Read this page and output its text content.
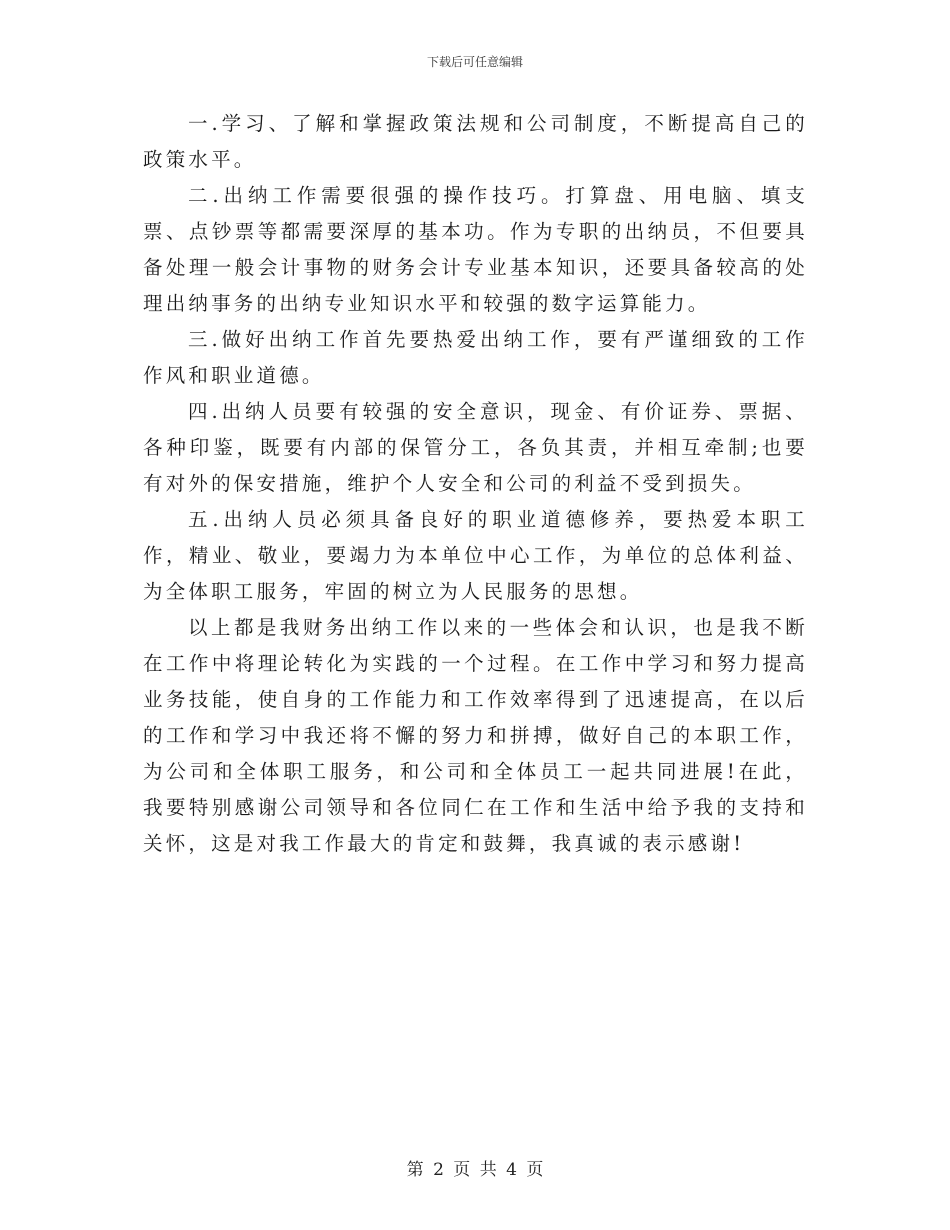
下载后可任意编辑

一.学习、了解和掌握政策法规和公司制度，不断提高自己的政策水平。

二.出纳工作需要很强的操作技巧。打算盘、用电脑、填支票、点钞票等都需要深厚的基本功。作为专职的出纳员，不但要具备处理一般会计事物的财务会计专业基本知识，还要具备较高的处理出纳事务的出纳专业知识水平和较强的数字运算能力。

三.做好出纳工作首先要热爱出纳工作，要有严谨细致的工作作风和职业道德。

四.出纳人员要有较强的安全意识，现金、有价证券、票据、各种印鉴，既要有内部的保管分工，各负其责，并相互牵制;也要有对外的保安措施，维护个人安全和公司的利益不受到损失。

五.出纳人员必须具备良好的职业道德修养，要热爱本职工作，精业、敬业，要竭力为本单位中心工作，为单位的总体利益、为全体职工服务，牢固的树立为人民服务的思想。

以上都是我财务出纳工作以来的一些体会和认识，也是我不断在工作中将理论转化为实践的一个过程。在工作中学习和努力提高业务技能，使自身的工作能力和工作效率得到了迅速提高，在以后的工作和学习中我还将不懈的努力和拼搏，做好自己的本职工作，为公司和全体职工服务，和公司和全体员工一起共同进展!在此，我要特别感谢公司领导和各位同仁在工作和生活中给予我的支持和关怀，这是对我工作最大的肯定和鼓舞，我真诚的表示感谢!

第 2 页 共 4 页
